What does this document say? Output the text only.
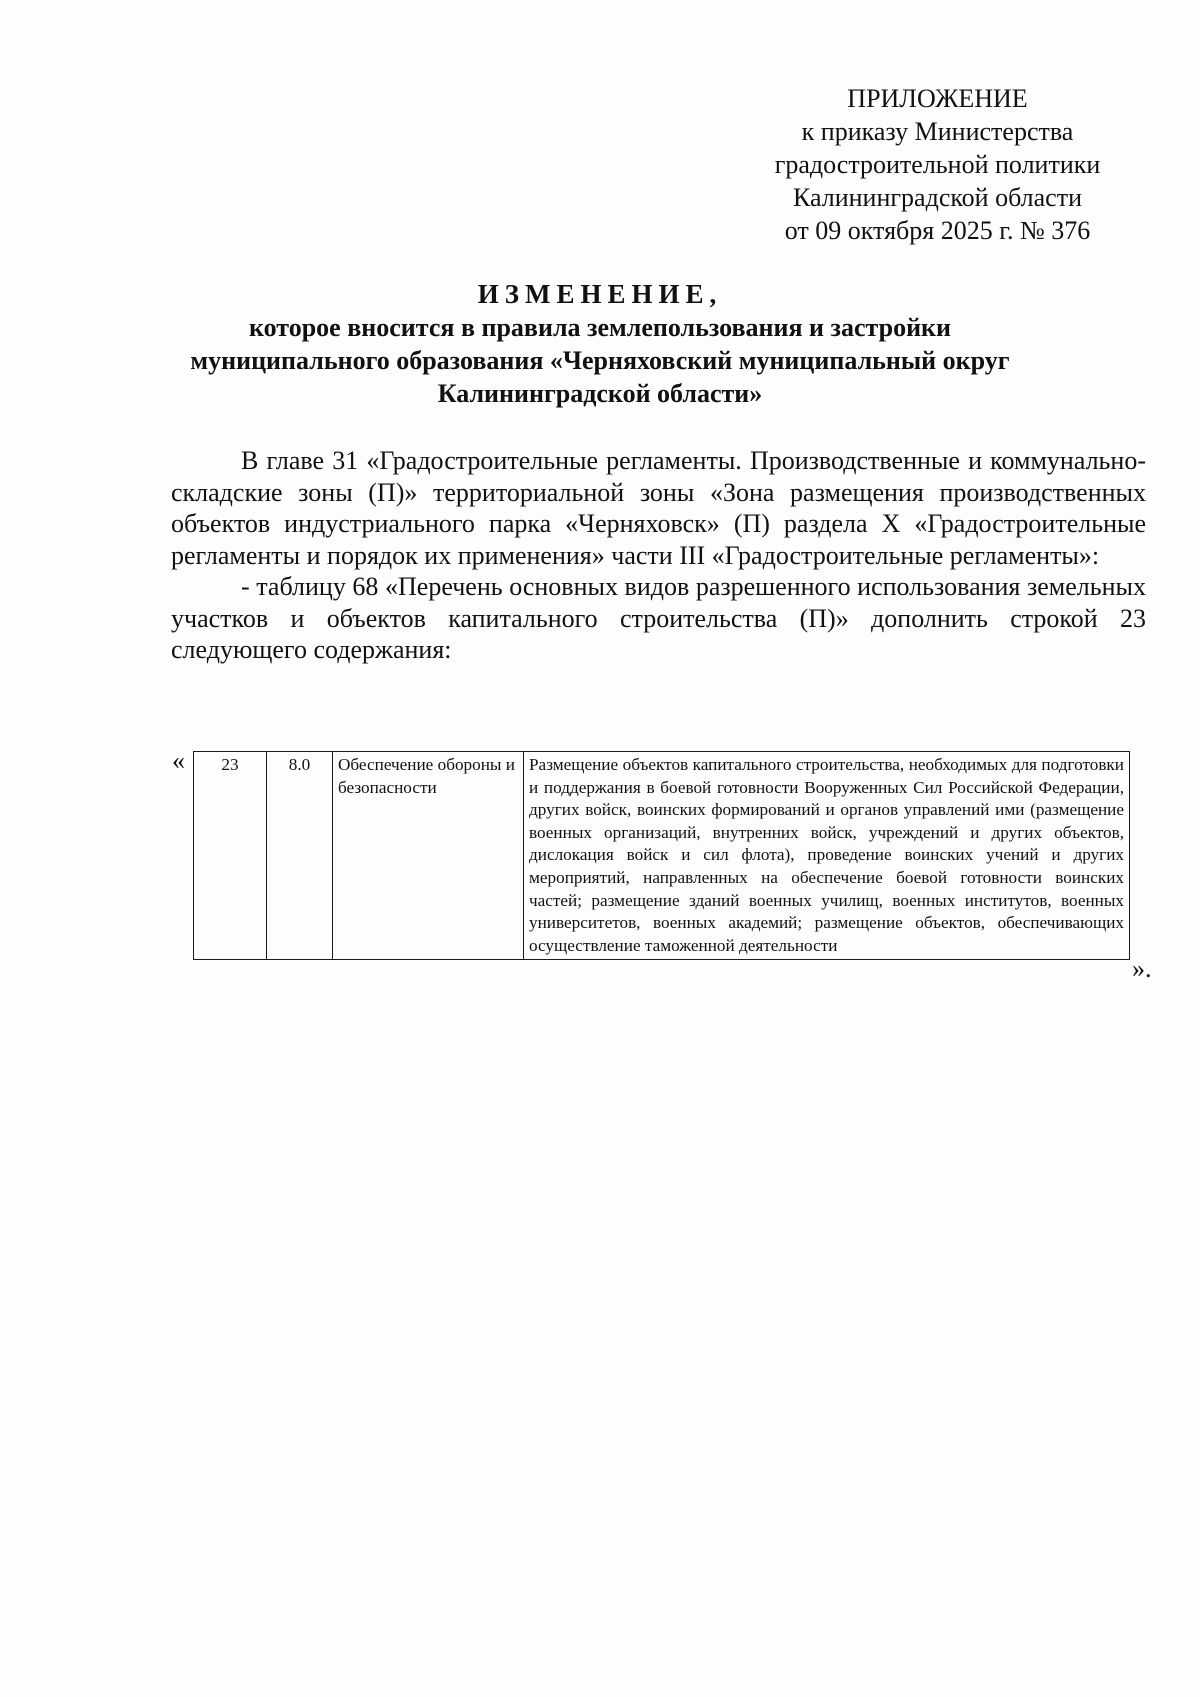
ПРИЛОЖЕНИЕ
к приказу Министерства
градостроительной политики
Калининградской области
от 09 октября 2025 г. № 376
ИЗМЕНЕНИЕ,
которое вносится в правила землепользования и застройки
муниципального образования «Черняховский муниципальный округ
Калининградской области»

В главе 31 «Градостроительные регламенты. Производственные и коммунально-складские зоны (П)» территориальной зоны «Зона размещения производственных объектов индустриального парка «Черняховск» (П) раздела X «Градостроительные регламенты и порядок их применения» части III «Градостроительные регламенты»:

- таблицу 68 «Перечень основных видов разрешенного использования земельных участков и объектов капитального строительства (П)» дополнить строкой 23 следующего содержания:

« 23	8.0	Обеспечение обороны и безопасности	Размещение объектов капитального строительства, необходимых для подготовки и поддержания в боевой готовности Вооруженных Сил Российской Федерации, других войск, воинских формирований и органов управлений ими (размещение военных организаций, внутренних войск, учреждений и других объектов, дислокация войск и сил флота), проведение воинских учений и других мероприятий, направленных на обеспечение боевой готовности воинских частей; размещение зданий военных училищ, военных институтов, военных университетов, военных академий; размещение объектов, обеспечивающих осуществление таможенной деятельности
».
